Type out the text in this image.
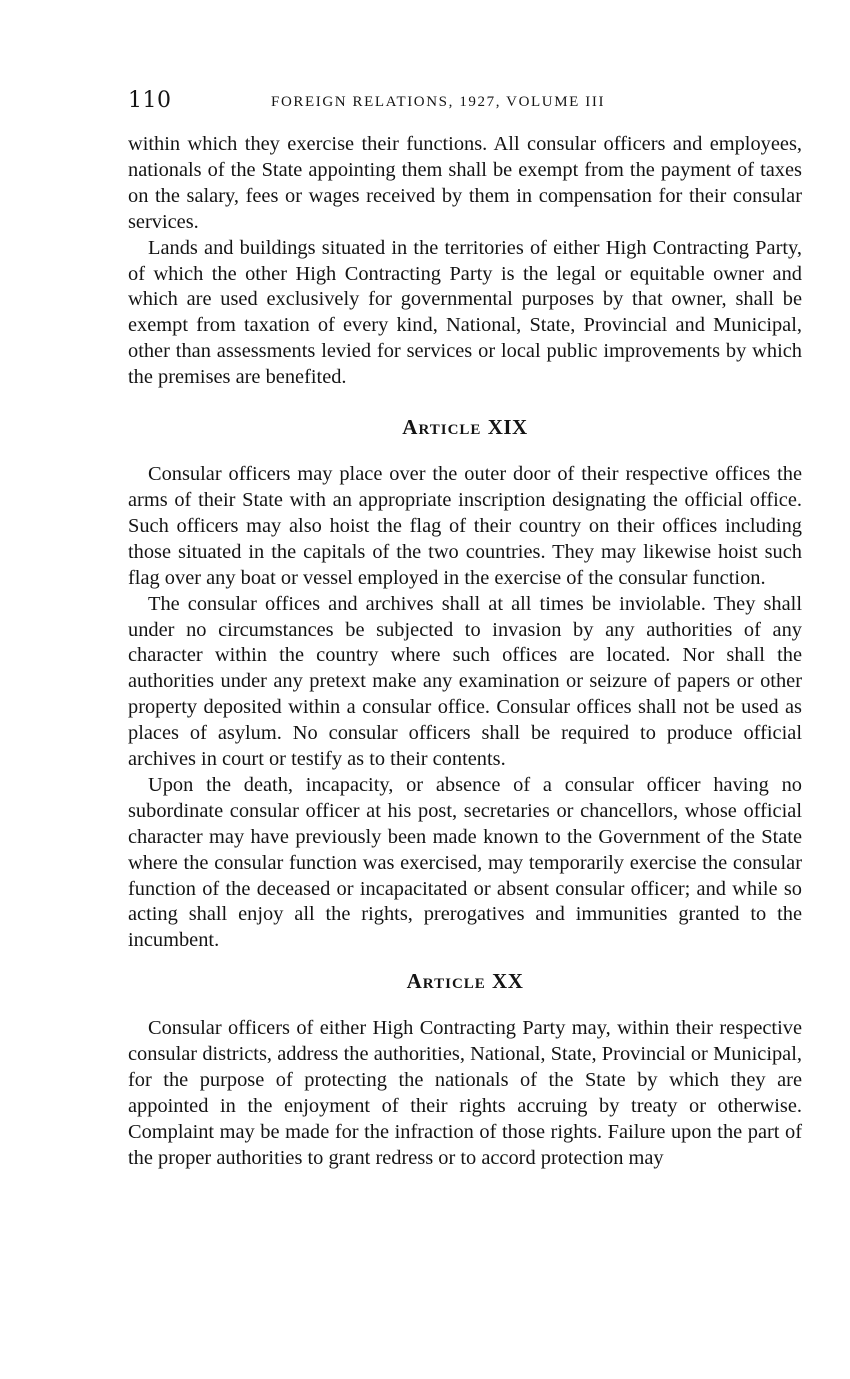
110	FOREIGN RELATIONS, 1927, VOLUME III

within which they exercise their functions. All consular officers and employees, nationals of the State appointing them shall be exempt from the payment of taxes on the salary, fees or wages received by them in compensation for their consular services.

Lands and buildings situated in the territories of either High Contracting Party, of which the other High Contracting Party is the legal or equitable owner and which are used exclusively for governmental purposes by that owner, shall be exempt from taxation of every kind, National, State, Provincial and Municipal, other than assessments levied for services or local public improvements by which the premises are benefited.

Article XIX

Consular officers may place over the outer door of their respective offices the arms of their State with an appropriate inscription designating the official office. Such officers may also hoist the flag of their country on their offices including those situated in the capitals of the two countries. They may likewise hoist such flag over any boat or vessel employed in the exercise of the consular function.

The consular offices and archives shall at all times be inviolable. They shall under no circumstances be subjected to invasion by any authorities of any character within the country where such offices are located. Nor shall the authorities under any pretext make any examination or seizure of papers or other property deposited within a consular office. Consular offices shall not be used as places of asylum. No consular officers shall be required to produce official archives in court or testify as to their contents.

Upon the death, incapacity, or absence of a consular officer having no subordinate consular officer at his post, secretaries or chancellors, whose official character may have previously been made known to the Government of the State where the consular function was exercised, may temporarily exercise the consular function of the deceased or incapacitated or absent consular officer; and while so acting shall enjoy all the rights, prerogatives and immunities granted to the incumbent.

Article XX

Consular officers of either High Contracting Party may, within their respective consular districts, address the authorities, National, State, Provincial or Municipal, for the purpose of protecting the nationals of the State by which they are appointed in the enjoyment of their rights accruing by treaty or otherwise. Complaint may be made for the infraction of those rights. Failure upon the part of the proper authorities to grant redress or to accord protection may
